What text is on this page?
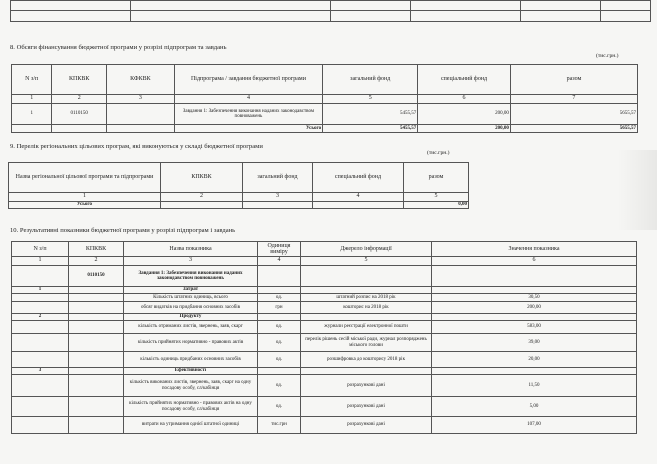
8. Обсяги фінансування бюджетної програми у розрізі підпрограм та завдань
(тис.грн.)
N з/п	КПКВК	КФКВК	Підпрограма / завдання бюджетної програми	загальний фонд	спеціальний фонд	разом
1	2	3	4	5	6	7
1	0110150		Завдання 1: Забезпечення виконання наданих законодавством повноважень	5455,57	200,00	5655,57
			Усього	5455,57	200,00	5655,57
9. Перелік регіональних цільових програм, які виконуються у складі бюджетної програми
(тис.грн.)
Назва регіональної цільової програми та підпрограми	КПКВК	загальний фонд	спеціальний фонд	разом
1	2	3	4	5
Усього				0,00
10. Результативні показники бюджетної програми у розрізі підпрограм і завдань
N з/п	КПКВК	Назва показника	Одиниця виміру	Джерело інформації	Значення показника
1	2	3	4	5	6
	0110150	Завдання 1: Забезпечення виконання наданих законодавством повноважень			
1		Затрат			
		Кількість штатних одиниць, всього	од.	штатний розпис на 2018 рік	30,50
		обсяг видатків на придбання основних засобів	грн	кошторис на 2018 рік	200,00
2		Продукту			
		кількість отриманих листів, звернень, заяв, скарг	од.	журнали реєстрації електронної пошти	583,00
		кількість прийнятих нормативно - правових актів	од.	перелік рішень сесій міської ради, журнал розпоряджень міського голови	39,00
		кількість одиниць придбаних основних засобів	од.	розшифровка до кошторису 2018 рік	20,00
3		Ефективності			
		кількість виконаних листів, звернень, заяв, скарг на одну посадову особу, сл/кабінця	од.	розрахункові дані	11,50
		кількість прийнятих нормативно - правових актів на одну посадову особу, сл/кабінця	од.	розрахункові дані	5,00
		витрати на утримання однієї штатної одиниці	тис.грн	розрахункові дані	107,00
